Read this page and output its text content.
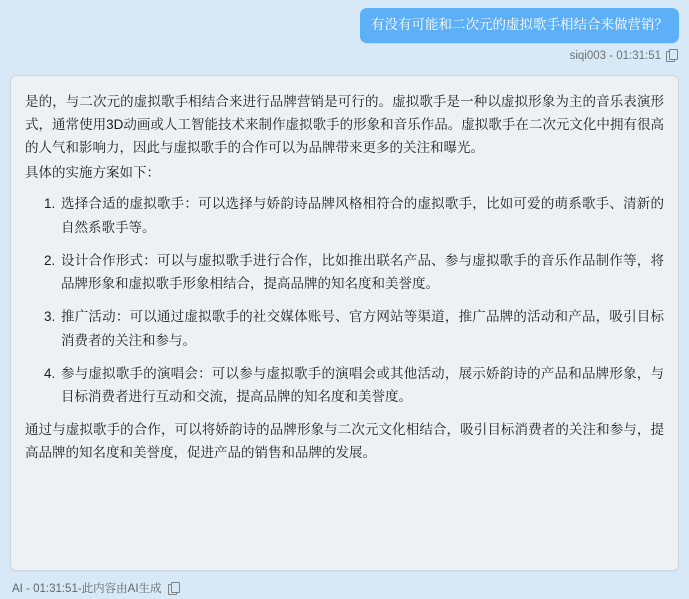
有没有可能和二次元的虚拟歌手相结合来做营销？
siqi003 - 01:31:51

是的，与二次元的虚拟歌手相结合来进行品牌营销是可行的。虚拟歌手是一种以虚拟形象为主的音乐表演形式，通常使用3D动画或人工智能技术来制作虚拟歌手的形象和音乐作品。虚拟歌手在二次元文化中拥有很高的人气和影响力，因此与虚拟歌手的合作可以为品牌带来更多的关注和曝光。

具体的实施方案如下：

1. 选择合适的虚拟歌手：可以选择与娇韵诗品牌风格相符合的虚拟歌手，比如可爱的萌系歌手、清新的自然系歌手等。
2. 设计合作形式：可以与虚拟歌手进行合作，比如推出联名产品、参与虚拟歌手的音乐作品制作等，将品牌形象和虚拟歌手形象相结合，提高品牌的知名度和美誉度。
3. 推广活动：可以通过虚拟歌手的社交媒体账号、官方网站等渠道，推广品牌的活动和产品，吸引目标消费者的关注和参与。
4. 参与虚拟歌手的演唱会：可以参与虚拟歌手的演唱会或其他活动，展示娇韵诗的产品和品牌形象，与目标消费者进行互动和交流，提高品牌的知名度和美誉度。

通过与虚拟歌手的合作，可以将娇韵诗的品牌形象与二次元文化相结合，吸引目标消费者的关注和参与，提高品牌的知名度和美誉度，促进产品的销售和品牌的发展。

AI - 01:31:51-此内容由AI生成
